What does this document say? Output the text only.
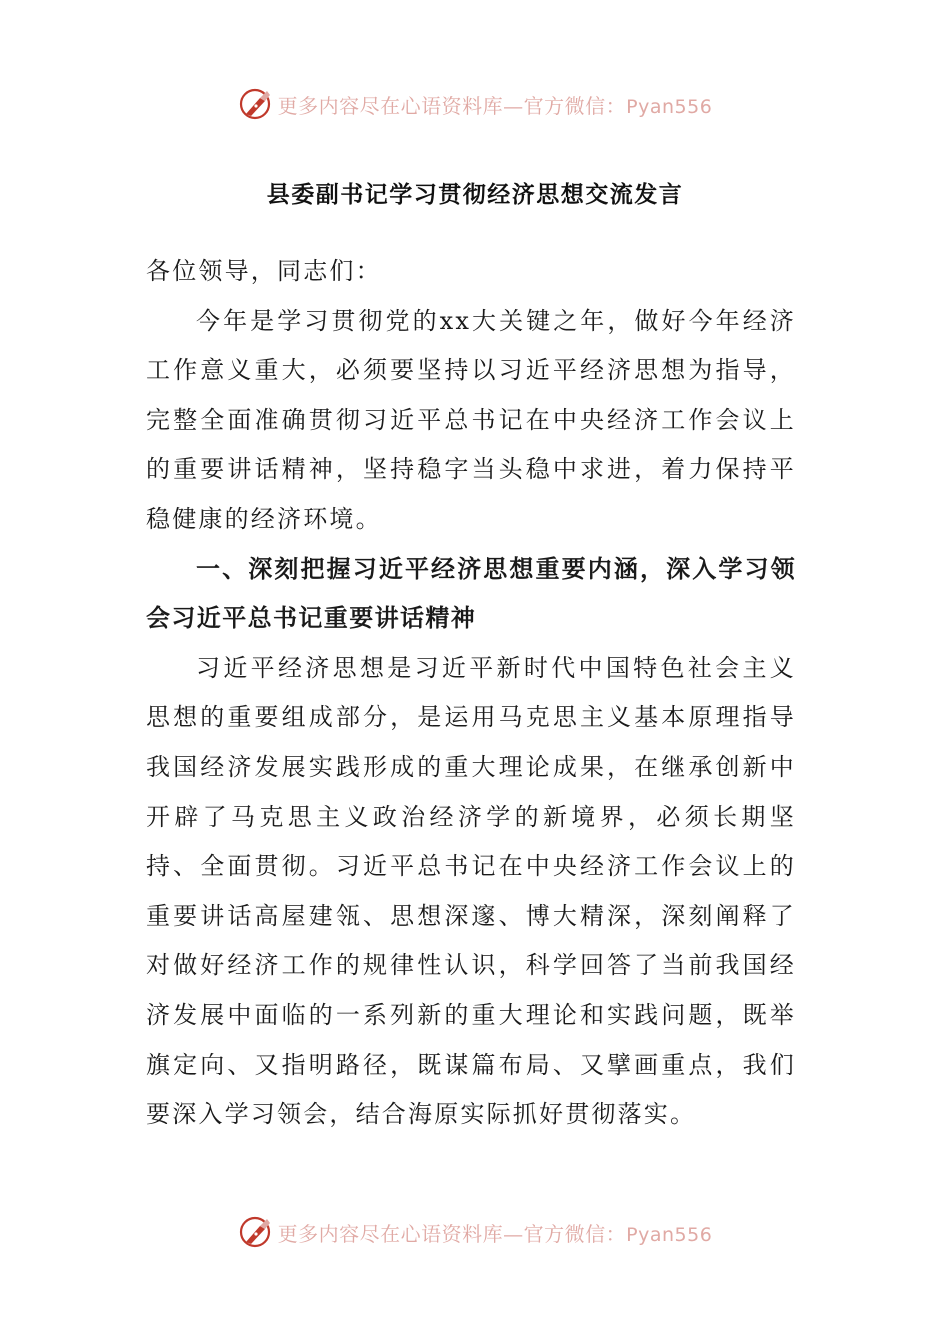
更多内容尽在心语资料库—官方微信：Pyan556
县委副书记学习贯彻经济思想交流发言

各位领导，同志们：

今年是学习贯彻党的xx大关键之年，做好今年经济工作意义重大，必须要坚持以习近平经济思想为指导，完整全面准确贯彻习近平总书记在中央经济工作会议上的重要讲话精神，坚持稳字当头稳中求进，着力保持平稳健康的经济环境。

一、深刻把握习近平经济思想重要内涵，深入学习领会习近平总书记重要讲话精神

习近平经济思想是习近平新时代中国特色社会主义思想的重要组成部分，是运用马克思主义基本原理指导我国经济发展实践形成的重大理论成果，在继承创新中开辟了马克思主义政治经济学的新境界，必须长期坚持、全面贯彻。习近平总书记在中央经济工作会议上的重要讲话高屋建瓴、思想深邃、博大精深，深刻阐释了对做好经济工作的规律性认识，科学回答了当前我国经济发展中面临的一系列新的重大理论和实践问题，既举旗定向、又指明路径，既谋篇布局、又擘画重点，我们要深入学习领会，结合海原实际抓好贯彻落实。

更多内容尽在心语资料库—官方微信：Pyan556
